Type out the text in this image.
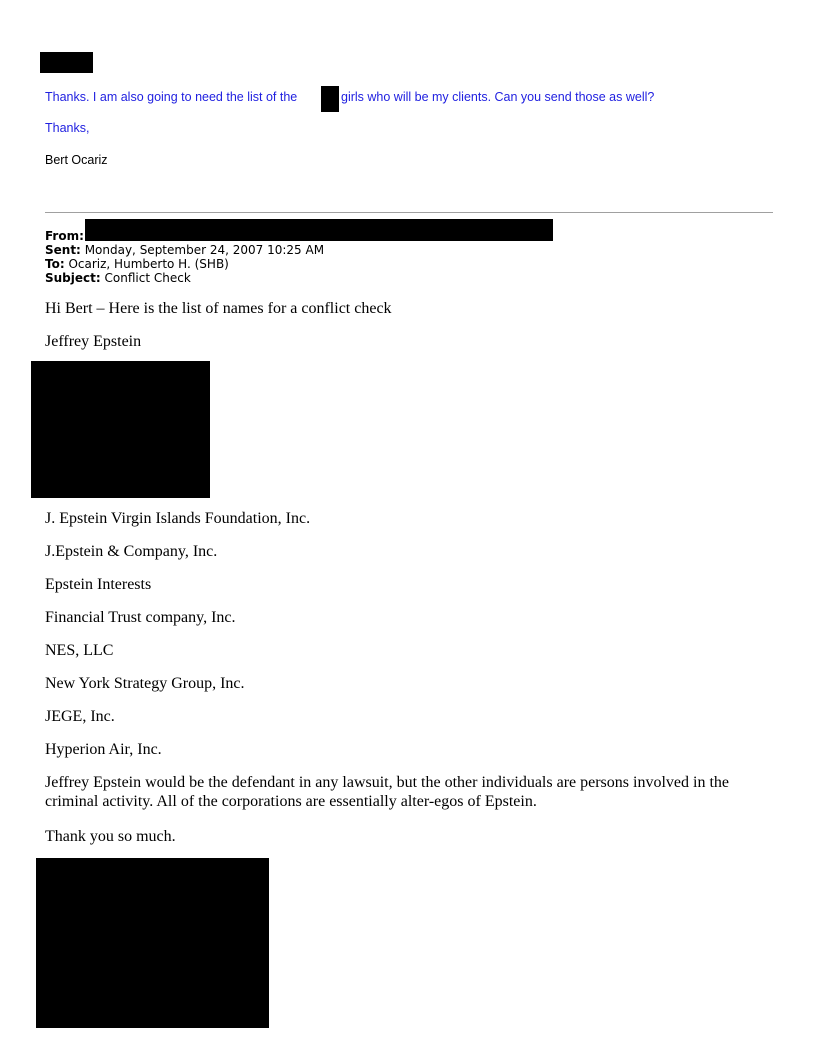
Thanks. I am also going to need the list of the	girls who will be my clients. Can you send those as well?
Thanks,
Bert Ocariz
From:
Sent: Monday, September 24, 2007 10:25 AM
To: Ocariz, Humberto H. (SHB)
Subject: Conflict Check
Hi Bert – Here is the list of names for a conflict check
Jeffrey Epstein
J. Epstein Virgin Islands Foundation, Inc.
J.Epstein & Company, Inc.
Epstein Interests
Financial Trust company, Inc.
NES, LLC
New York Strategy Group, Inc.
JEGE, Inc.
Hyperion Air, Inc.
Jeffrey Epstein would be the defendant in any lawsuit, but the other individuals are persons involved in the
criminal activity. All of the corporations are essentially alter-egos of Epstein.
Thank you so much.
